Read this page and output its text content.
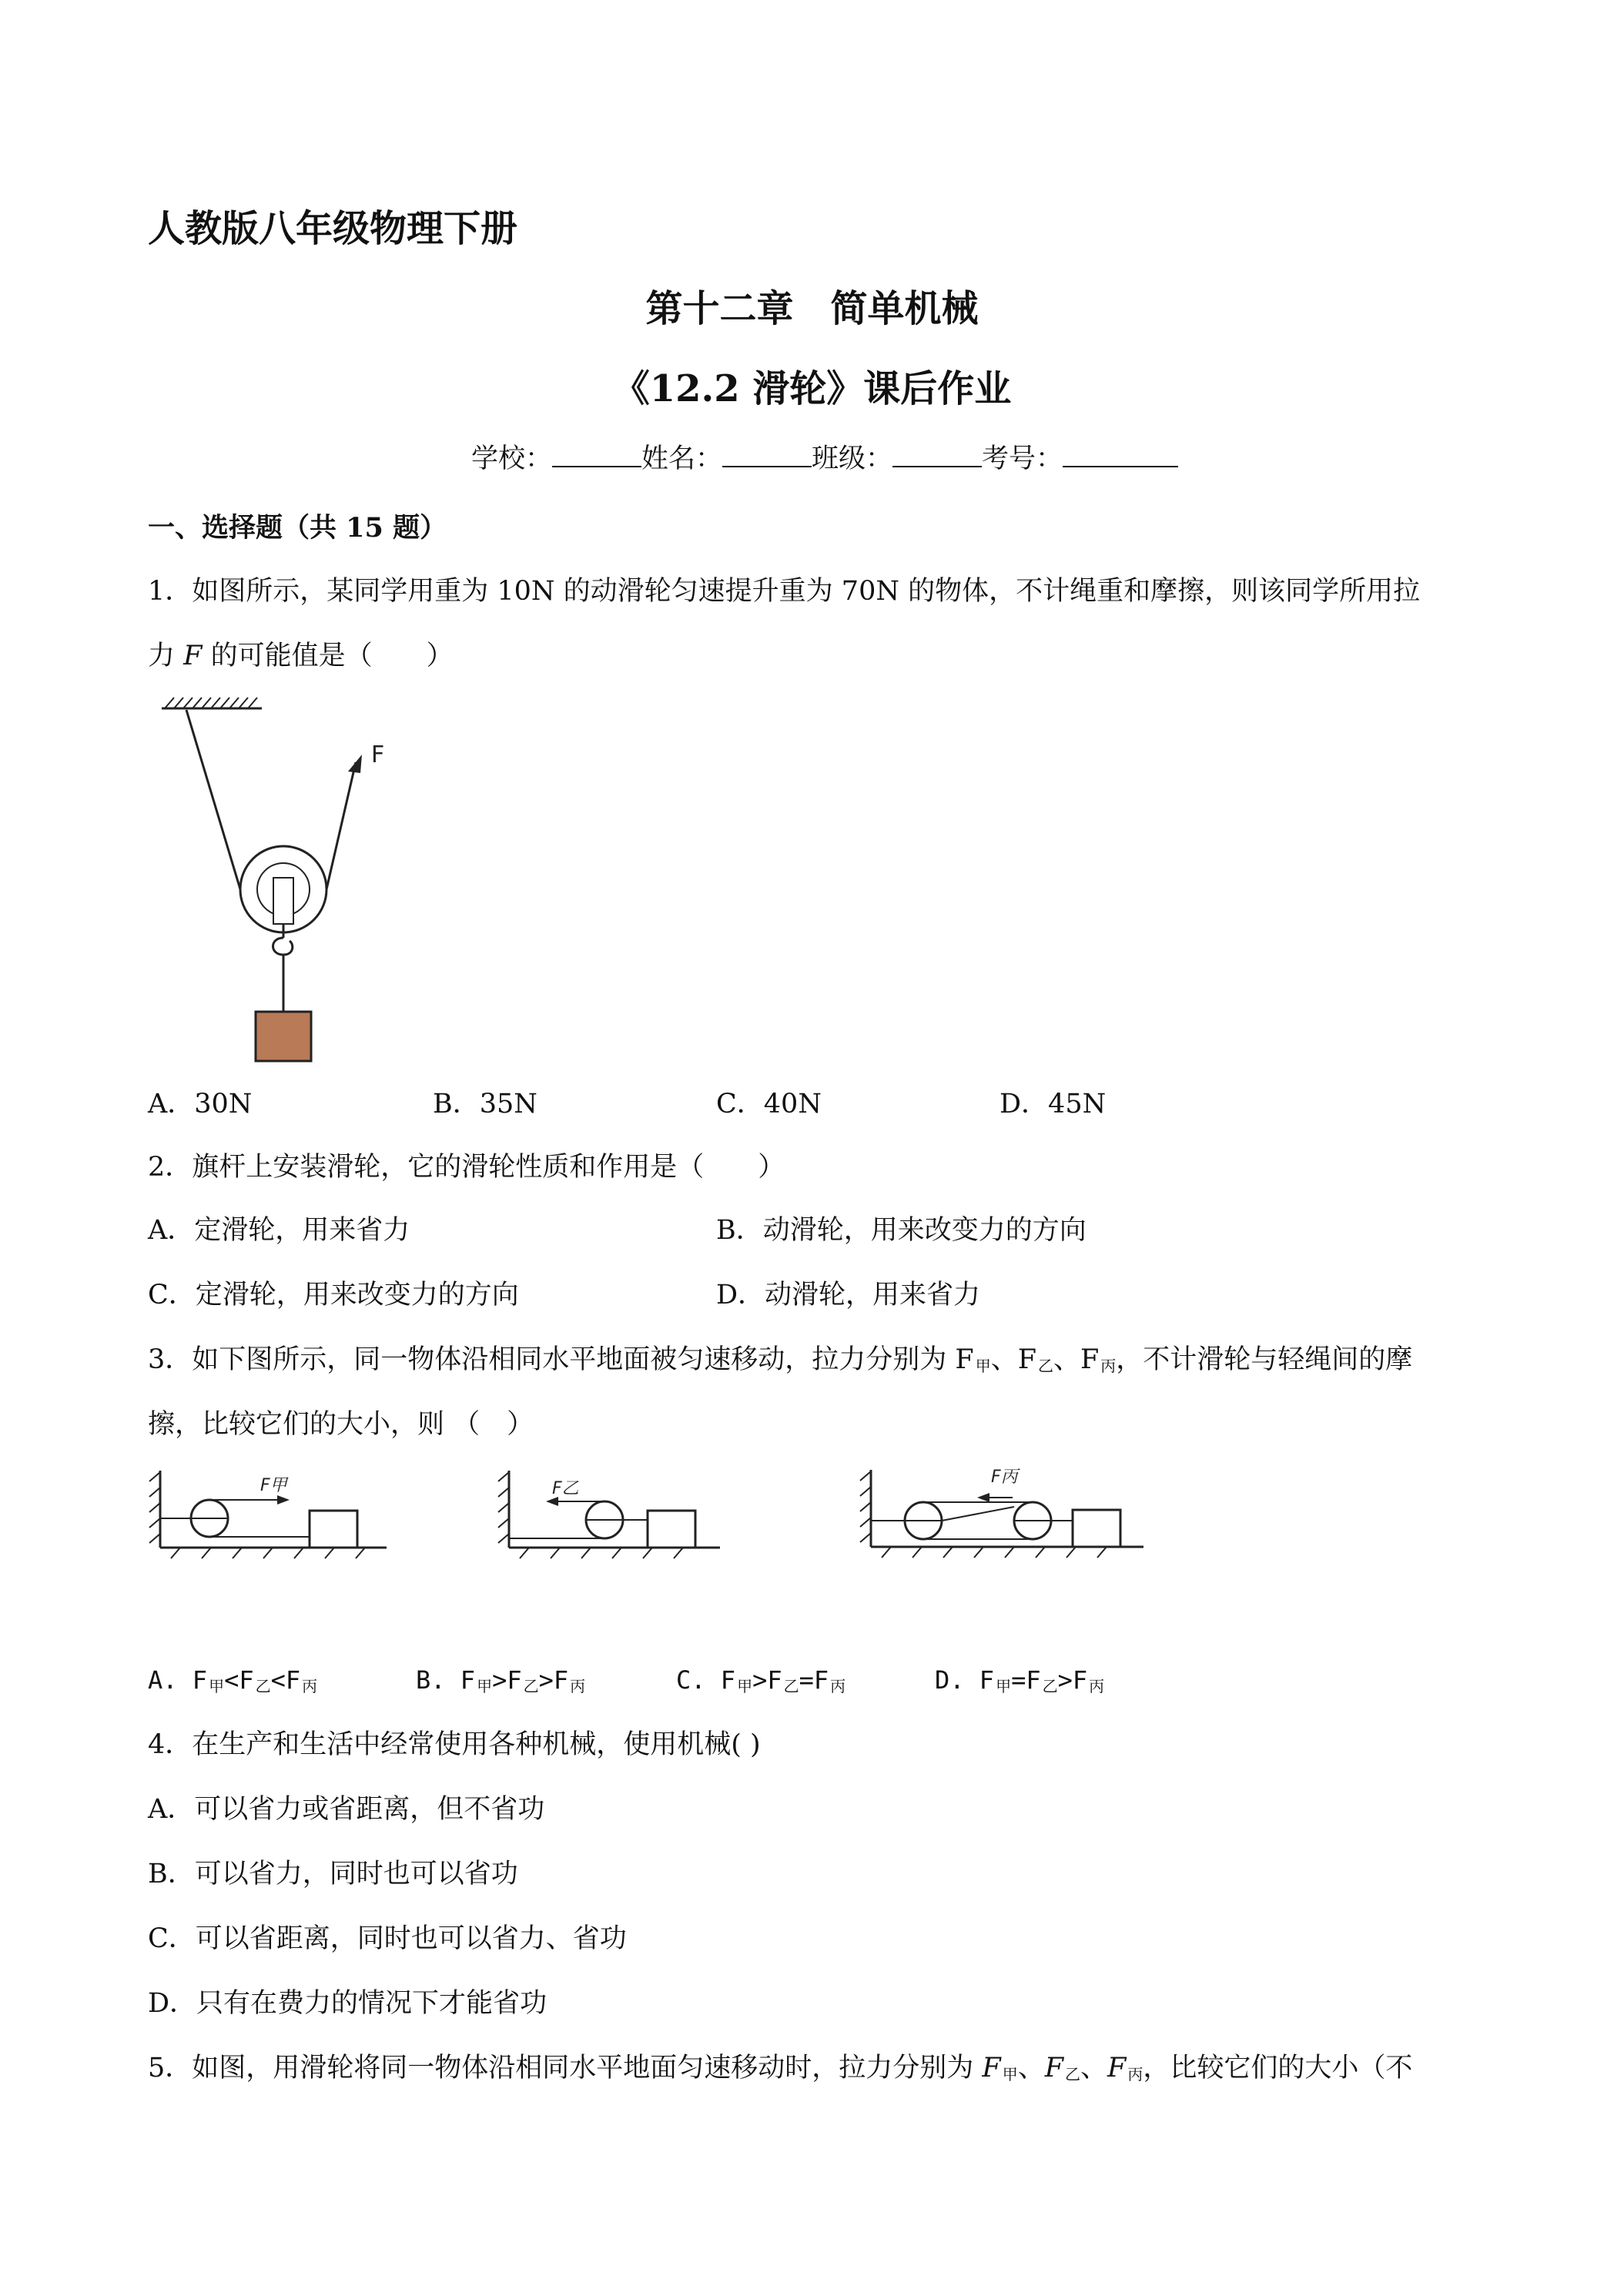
人教版八年级物理下册
第十二章　简单机械
《12.2 滑轮》课后作业
学校：	姓名：	班级：	考号：
一、选择题（共 15 题）
1．如图所示，某同学用重为 10N 的动滑轮匀速提升重为 70N 的物体，不计绳重和摩擦，则该同学所用拉
力 F 的可能值是（　　）
F
A．30N	B．35N	C．40N	D．45N
2．旗杆上安装滑轮，它的滑轮性质和作用是（　　）
A．定滑轮，用来省力	B．动滑轮，用来改变力的方向
C．定滑轮，用来改变力的方向	D．动滑轮，用来省力
3．如下图所示，同一物体沿相同水平地面被匀速移动，拉力分别为 F $_甲$、F $_乙$、F $_丙$，不计滑轮与轻绳间的摩
擦，比较它们的大小，则 （　）
F甲	F乙
F丙
A. F $_甲$<F $_乙$<F $_丙$	B. F $_甲$>F $_乙$>F $_丙$	C. F $_甲$>F $_乙$=F $_丙$	D. F $_甲$=F $_乙$>F $_丙$
4．在生产和生活中经常使用各种机械，使用机械( )
A．可以省力或省距离，但不省功
B．可以省力，同时也可以省功
C．可以省距离，同时也可以省力、省功
D．只有在费力的情况下才能省功
5．如图，用滑轮将同一物体沿相同水平地面匀速移动时，拉力分别为 F $_甲$、F $_乙$、F $_丙$，比较它们的大小（不
